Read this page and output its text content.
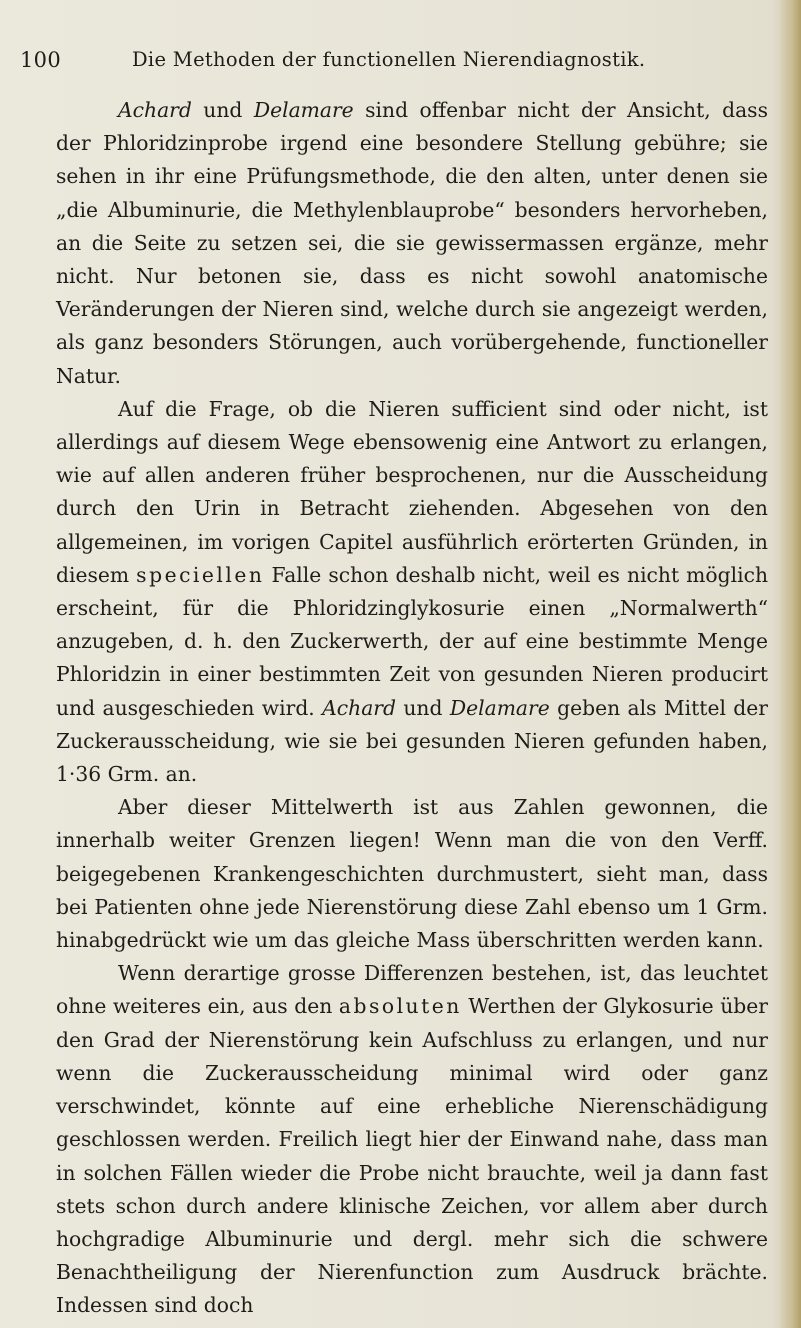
100	Die Methoden der functionellen Nierendiagnostik.

Achard und Delamare sind offenbar nicht der Ansicht, dass der Phloridzinprobe irgend eine besondere Stellung gebühre; sie sehen in ihr eine Prüfungsmethode, die den alten, unter denen sie „die Albuminurie, die Methylenblauprobe“ besonders hervorheben, an die Seite zu setzen sei, die sie gewissermassen ergänze, mehr nicht. Nur betonen sie, dass es nicht sowohl anatomische Veränderungen der Nieren sind, welche durch sie angezeigt werden, als ganz besonders Störungen, auch vorübergehende, functioneller Natur.

Auf die Frage, ob die Nieren sufficient sind oder nicht, ist allerdings auf diesem Wege ebensowenig eine Antwort zu erlangen, wie auf allen anderen früher besprochenen, nur die Ausscheidung durch den Urin in Betracht ziehenden. Abgesehen von den allgemeinen, im vorigen Capitel ausführlich erörterten Gründen, in diesem speciellen Falle schon deshalb nicht, weil es nicht möglich erscheint, für die Phloridzinglykosurie einen „Normalwerth“ anzugeben, d. h. den Zuckerwerth, der auf eine bestimmte Menge Phloridzin in einer bestimmten Zeit von gesunden Nieren producirt und ausgeschieden wird. Achard und Delamare geben als Mittel der Zuckerausscheidung, wie sie bei gesunden Nieren gefunden haben, 1·36 Grm. an.

Aber dieser Mittelwerth ist aus Zahlen gewonnen, die innerhalb weiter Grenzen liegen! Wenn man die von den Verff. beigegebenen Krankengeschichten durchmustert, sieht man, dass bei Patienten ohne jede Nierenstörung diese Zahl ebenso um 1 Grm. hinabgedrückt wie um das gleiche Mass überschritten werden kann.

Wenn derartige grosse Differenzen bestehen, ist, das leuchtet ohne weiteres ein, aus den absoluten Werthen der Glykosurie über den Grad der Nierenstörung kein Aufschluss zu erlangen, und nur wenn die Zuckerausscheidung minimal wird oder ganz verschwindet, könnte auf eine erhebliche Nierenschädigung geschlossen werden. Freilich liegt hier der Einwand nahe, dass man in solchen Fällen wieder die Probe nicht brauchte, weil ja dann fast stets schon durch andere klinische Zeichen, vor allem aber durch hochgradige Albuminurie und dergl. mehr sich die schwere Benachtheiligung der Nierenfunction zum Ausdruck brächte. Indessen sind doch
